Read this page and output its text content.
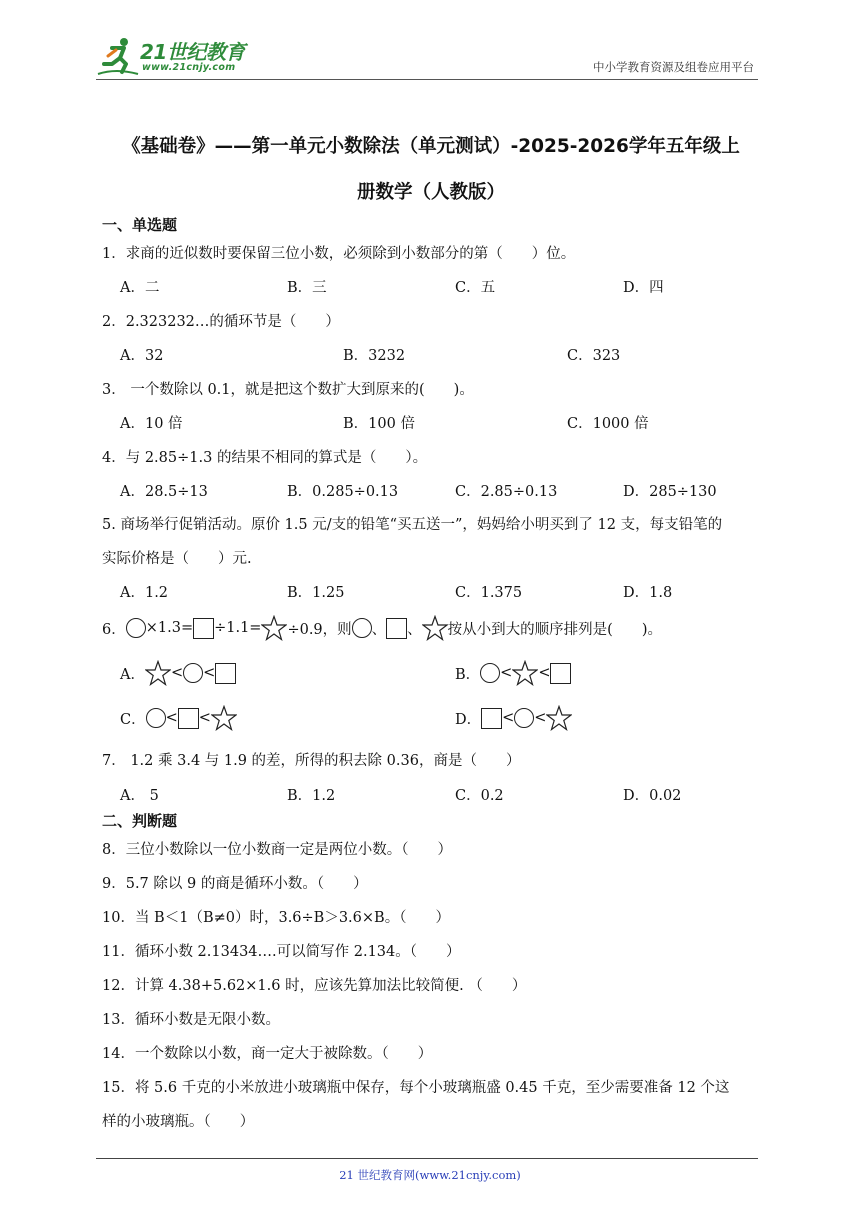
21世纪教育
www.21cnjy.com	中小学教育资源及组卷应用平台
《基础卷》——第一单元小数除法（单元测试）-2025-2026学年五年级上
册数学（人教版）
一、单选题
1．求商的近似数时要保留三位小数，必须除到小数部分的第（　　）位。
A．二	B．三	C．五	D．四
2．2.323232…的循环节是（　　）
A．32	B．3232	C．323
3． 一个数除以 0.1，就是把这个数扩大到原来的(　　)。
A．10 倍	B．100 倍	C．1000 倍
4．与 2.85÷1.3 的结果不相同的算式是（　　）。
A．28.5÷13	B．0.285÷0.13	C．2.85÷0.13	D．285÷130
5. 商场举行促销活动。原价 1.5 元/支的铅笔“买五送一”，妈妈给小明买到了 12 支，每支铅笔的
实际价格是（　　）元.
A．1.2	B．1.25	C．1.375	D．1.8
6． ×1.3= ÷1.1= ÷0.9，则 、 、 按从小到大的顺序排列是(　　)。
A． < <	B． < <
C． < <	D． < <
7． 1.2 乘 3.4 与 1.9 的差，所得的积去除 0.36，商是（　　）
A． 5	B．1.2	C．0.2	D．0.02
二、判断题
8．三位小数除以一位小数商一定是两位小数。（　　）
9．5.7 除以 9 的商是循环小数。（　　）
10．当 B＜1（B≠0）时，3.6÷B＞3.6×B。（　　）
11．循环小数 2.13434….可以简写作 2.134。（　　）
12．计算 4.38+5.62×1.6 时，应该先算加法比较简便. （　　）
13．循环小数是无限小数。
14．一个数除以小数，商一定大于被除数。（　　）
15．将 5.6 千克的小米放进小玻璃瓶中保存，每个小玻璃瓶盛 0.45 千克，至少需要准备 12 个这
样的小玻璃瓶。（　　）
21 世纪教育网(www.21cnjy.com)
